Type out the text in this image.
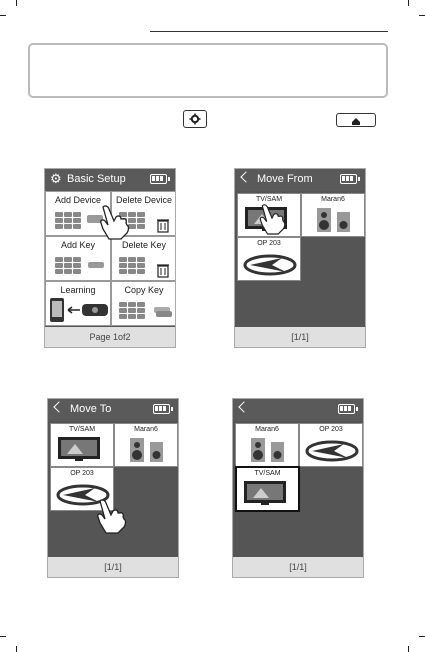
⚙ Basic Setup
Add Device	Delete Device
Add Key	Delete Key
Learning	Copy Key
Page 1of2
Move From
TV/SAM	Maran6
OP 203
[1/1]
Move To
TV/SAM	Maran6
OP 203
[1/1]
Maran6	OP 203
TV/SAM
[1/1]
